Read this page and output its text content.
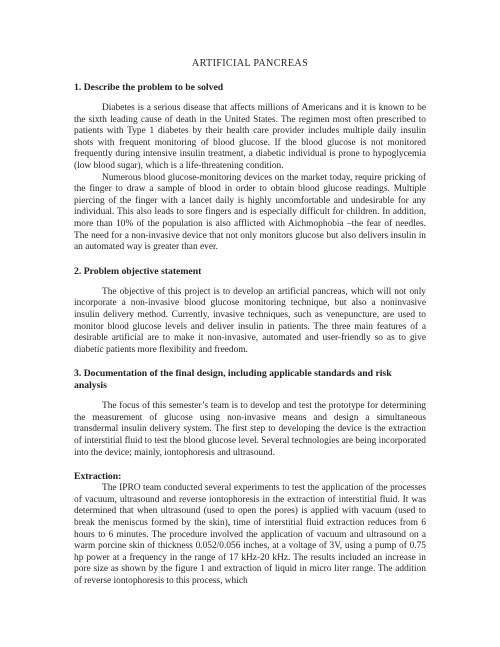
ARTIFICIAL PANCREAS
1. Describe the problem to be solved

Diabetes is a serious disease that affects millions of Americans and it is known to be the sixth leading cause of death in the United States. The regimen most often prescribed to patients with Type 1 diabetes by their health care provider includes multiple daily insulin shots with frequent monitoring of blood glucose. If the blood glucose is not monitored frequently during intensive insulin treatment, a diabetic individual is prone to hypoglycemia (low blood sugar), which is a life-threatening condition.

Numerous blood glucose-monitoring devices on the market today, require pricking of the finger to draw a sample of blood in order to obtain blood glucose readings. Multiple piercing of the finger with a lancet daily is highly uncomfortable and undesirable for any individual. This also leads to sore fingers and is especially difficult for children. In addition, more than 10% of the population is also afflicted with Aichmophobia –the fear of needles. The need for a non-invasive device that not only monitors glucose but also delivers insulin in an automated way is greater than ever.

2. Problem objective statement

The objective of this project is to develop an artificial pancreas, which will not only incorporate a non-invasive blood glucose monitoring technique, but also a noninvasive insulin delivery method. Currently, invasive techniques, such as venepuncture, are used to monitor blood glucose levels and deliver insulin in patients. The three main features of a desirable artificial are to make it non-invasive, automated and user-friendly so as to give diabetic patients more flexibility and freedom.

3. Documentation of the final design, including applicable standards and risk analysis

The focus of this semester’s team is to develop and test the prototype for determining the measurement of glucose using non-invasive means and design a simultaneous transdermal insulin delivery system. The first step to developing the device is the extraction of interstitial fluid to test the blood glucose level. Several technologies are being incorporated into the device; mainly, iontophoresis and ultrasound.

Extraction:

The IPRO team conducted several experiments to test the application of the processes of vacuum, ultrasound and reverse iontophoresis in the extraction of interstitial fluid. It was determined that when ultrasound (used to open the pores) is applied with vacuum (used to break the meniscus formed by the skin), time of interstitial fluid extraction reduces from 6 hours to 6 minutes. The procedure involved the application of vacuum and ultrasound on a warm porcine skin of thickness 0.052/0.056 inches, at a voltage of 3V, using a pump of 0.75 hp power at a frequency in the range of 17 kHz-20 kHz. The results included an increase in pore size as shown by the figure 1 and extraction of liquid in micro liter range. The addition of reverse iontophoresis to this process, which
